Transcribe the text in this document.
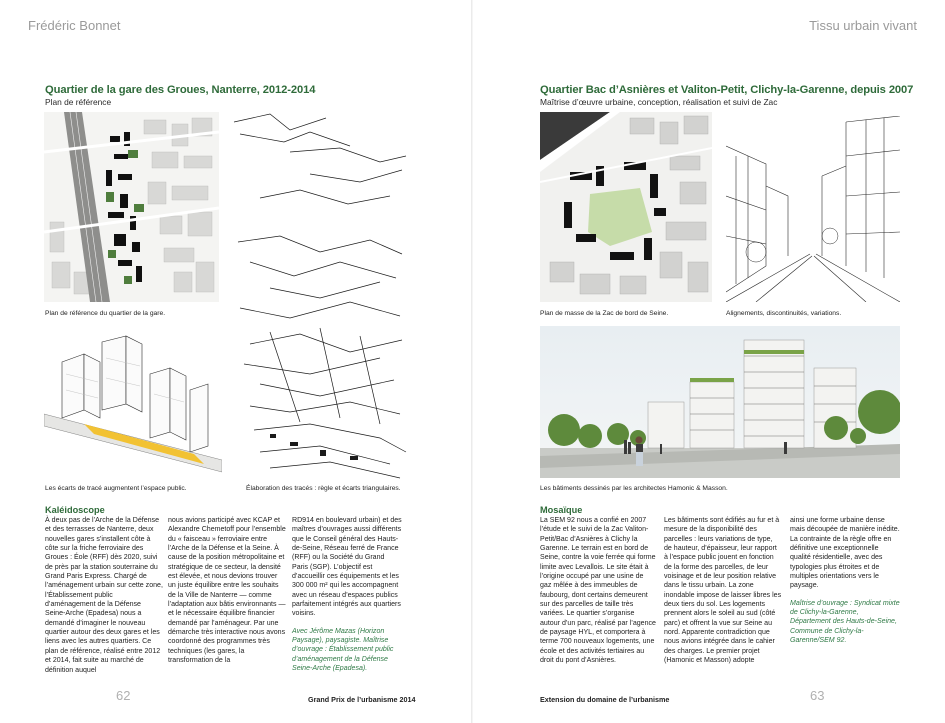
Frédéric Bonnet
Quartier de la gare des Groues, Nanterre, 2012-2014
Plan de référence
Plan de référence du quartier de la gare.
Les écarts de tracé augmentent l’espace public.	Élaboration des tracés : règle et écarts triangulaires.
Kaléidoscope
À deux pas de l’Arche de la Défense et des terrasses de Nanterre, deux nouvelles gares s’installent côte à côte sur la friche ferroviaire des Groues : Éole (RFF) dès 2020, suivi de près par la station souterraine du Grand Paris Express. Chargé de l’aménagement urbain sur cette zone, l’Établissement public d’aménagement de la Défense Seine-Arche (Epadesa) nous a demandé d’imaginer le nouveau quartier autour des deux gares et les liens avec les autres quartiers. Ce plan de référence, réalisé entre 2012 et 2014, fait suite au marché de définition auquel
nous avions participé avec KCAP et Alexandre Chemetoff pour l’ensemble du « faisceau » ferroviaire entre l’Arche de la Défense et la Seine. À cause de la position métropolitaine et stratégique de ce secteur, la densité est élevée, et nous devions trouver un juste équilibre entre les souhaits de la Ville de Nanterre — comme l’adaptation aux bâtis environnants — et le nécessaire équilibre financier demandé par l’aménageur. Par une démarche très interactive nous avons coordonné des programmes très techniques (les gares, la transformation de la
RD914 en boulevard urbain) et des maîtres d’ouvrages aussi différents que le Conseil général des Hauts-de-Seine, Réseau ferré de France (RFF) ou la Société du Grand Paris (SGP). L’objectif est d’accueillir ces équipements et les 300 000 m² qui les accompagnent avec un réseau d’espaces publics parfaitement intégrés aux quartiers voisins.
Avec Jérôme Mazas (Horizon Paysage), paysagiste. Maîtrise d’ouvrage : Établissement public d’aménagement de la Défense Seine-Arche (Epadesa).
62	Grand Prix de l’urbanisme 2014
Tissu urbain vivant
Quartier Bac d’Asnières et Valiton-Petit, Clichy-la-Garenne, depuis 2007
Maîtrise d’œuvre urbaine, conception, réalisation et suivi de Zac
Plan de masse de la Zac de bord de Seine.	Alignements, discontinuités, variations.
Les bâtiments dessinés par les architectes Hamonic & Masson.
Mosaïque
La SEM 92 nous a confié en 2007 l’étude et le suivi de la Zac Valiton-Petit/Bac d’Asnières à Clichy la Garenne. Le terrain est en bord de Seine, contre la voie ferrée qui forme limite avec Levallois. Le site était à l’origine occupé par une usine de gaz mêlée à des immeubles de faubourg, dont certains demeurent sur des parcelles de taille très variées. Le quartier s’organise autour d’un parc, réalisé par l’agence de paysage HYL, et comportera à terme 700 nouveaux logements, une école et des activités tertiaires au droit du pont d’Asnières.
Les bâtiments sont édifiés au fur et à mesure de la disponibilité des parcelles : leurs variations de type, de hauteur, d’épaisseur, leur rapport à l’espace public jouent en fonction de la forme des parcelles, de leur voisinage et de leur position relative dans le tissu urbain. La zone inondable impose de laisser libres les deux tiers du sol. Les logements prennent alors le soleil au sud (côté parc) et offrent la vue sur Seine au nord. Apparente contradiction que nous avions intégrée dans le cahier des charges. Le premier projet (Hamonic et Masson) adopte
ainsi une forme urbaine dense mais découpée de manière inédite. La contrainte de la règle offre en définitive une exceptionnelle qualité résidentielle, avec des typologies plus étroites et de multiples orientations vers le paysage.
Maîtrise d’ouvrage : Syndicat mixte de Clichy-la-Garenne, Département des Hauts-de-Seine, Commune de Clichy-la-Garenne/SEM 92.
63
Extension du domaine de l’urbanisme
